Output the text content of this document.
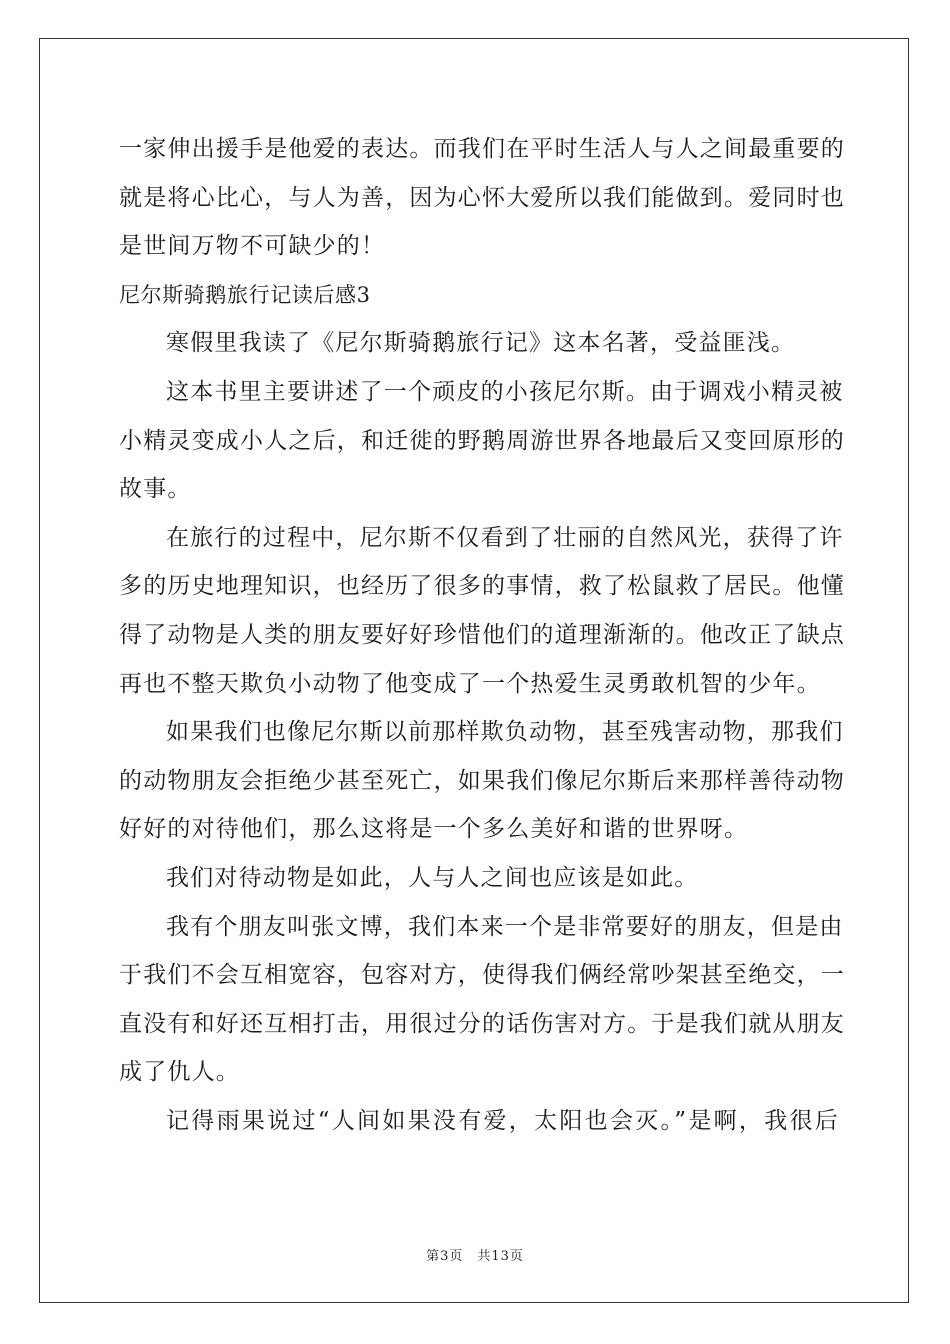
一家伸出援手是他爱的表达。而我们在平时生活人与人之间最重要的
就是将心比心，与人为善，因为心怀大爱所以我们能做到。爱同时也
是世间万物不可缺少的！
尼尔斯骑鹅旅行记读后感3
寒假里我读了《尼尔斯骑鹅旅行记》这本名著，受益匪浅。
这本书里主要讲述了一个顽皮的小孩尼尔斯。由于调戏小精灵被
小精灵变成小人之后，和迁徙的野鹅周游世界各地最后又变回原形的
故事。
在旅行的过程中，尼尔斯不仅看到了壮丽的自然风光，获得了许
多的历史地理知识，也经历了很多的事情，救了松鼠救了居民。他懂
得了动物是人类的朋友要好好珍惜他们的道理渐渐的。他改正了缺点
再也不整天欺负小动物了他变成了一个热爱生灵勇敢机智的少年。
如果我们也像尼尔斯以前那样欺负动物，甚至残害动物，那我们
的动物朋友会拒绝少甚至死亡，如果我们像尼尔斯后来那样善待动物
好好的对待他们，那么这将是一个多么美好和谐的世界呀。
我们对待动物是如此，人与人之间也应该是如此。
我有个朋友叫张文博，我们本来一个是非常要好的朋友，但是由
于我们不会互相宽容，包容对方，使得我们俩经常吵架甚至绝交，一
直没有和好还互相打击，用很过分的话伤害对方。于是我们就从朋友
成了仇人。
记得雨果说过“人间如果没有爱，太阳也会灭。”是啊，我很后
第3页　共13页
